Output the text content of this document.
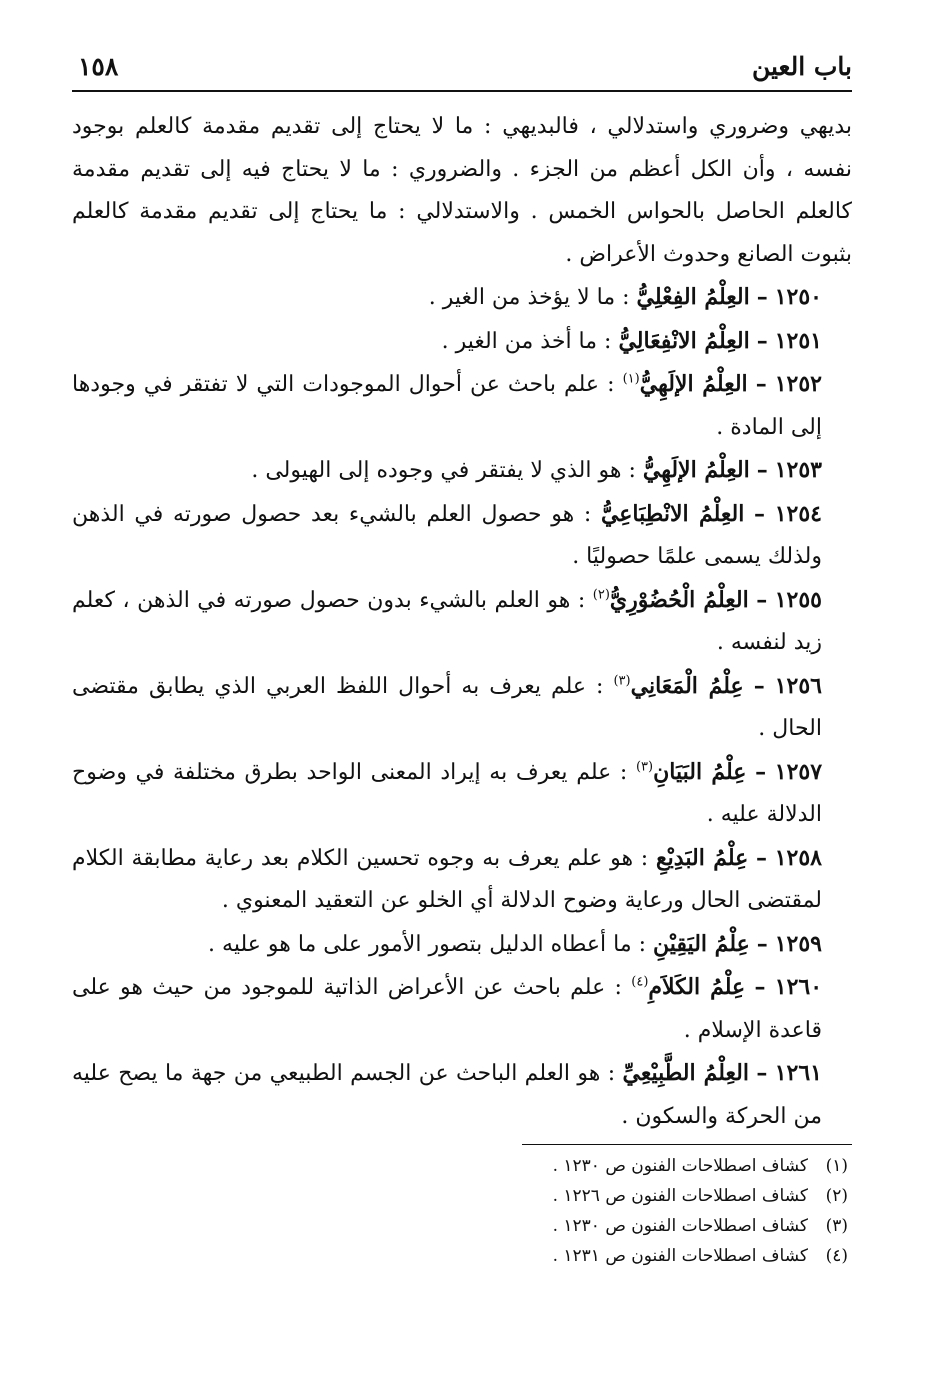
باب العين
١٥٨

بديهي وضروري واستدلالي ، فالبديهي : ما لا يحتاج إلى تقديم مقدمة كالعلم بوجود نفسه ، وأن الكل أعظم من الجزء . والضروري : ما لا يحتاج فيه إلى تقديم مقدمة كالعلم الحاصل بالحواس الخمس . والاستدلالي : ما يحتاج إلى تقديم مقدمة كالعلم بثبوت الصانع وحدوث الأعراض .

١٢٥٠ – العِلْمُ الفِعْلِيُّ : ما لا يؤخذ من الغير .

١٢٥١ – العِلْمُ الانْفِعَالِيُّ : ما أخذ من الغير .

١٢٥٢ – العِلْمُ الإلَهِيُّ$^{(١)}$ : علم باحث عن أحوال الموجودات التي لا تفتقر في وجودها إلى المادة .

١٢٥٣ – العِلْمُ الإلَهِيُّ : هو الذي لا يفتقر في وجوده إلى الهيولى .

١٢٥٤ – العِلْمُ الانْطِبَاعِيُّ : هو حصول العلم بالشيء بعد حصول صورته في الذهن ولذلك يسمى علمًا حصوليًا .

١٢٥٥ – العِلْمُ الْحُضُوْرِيُّ$^{(٢)}$ : هو العلم بالشيء بدون حصول صورته في الذهن ، كعلم زيد لنفسه .

١٢٥٦ – عِلْمُ الْمَعَانِي$^{(٣)}$ : علم يعرف به أحوال اللفظ العربي الذي يطابق مقتضى الحال .

١٢٥٧ – عِلْمُ البَيَانِ$^{(٣)}$ : علم يعرف به إيراد المعنى الواحد بطرق مختلفة في وضوح الدلالة عليه .

١٢٥٨ – عِلْمُ البَدِيْعِ : هو علم يعرف به وجوه تحسين الكلام بعد رعاية مطابقة الكلام لمقتضى الحال ورعاية وضوح الدلالة أي الخلو عن التعقيد المعنوي .

١٢٥٩ – عِلْمُ اليَقِيْنِ : ما أعطاه الدليل بتصور الأمور على ما هو عليه .

١٢٦٠ – عِلْمُ الكَلاَمِ$^{(٤)}$ : علم باحث عن الأعراض الذاتية للموجود من حيث هو على قاعدة الإسلام .

١٢٦١ – العِلْمُ الطَّبِيْعِيِّ : هو العلم الباحث عن الجسم الطبيعي من جهة ما يصح عليه من الحركة والسكون .

(١)كشاف اصطلاحات الفنون ص ١٢٣٠ .
(٢)كشاف اصطلاحات الفنون ص ١٢٢٦ .
(٣)كشاف اصطلاحات الفنون ص ١٢٣٠ .
(٤)كشاف اصطلاحات الفنون ص ١٢٣١ .
